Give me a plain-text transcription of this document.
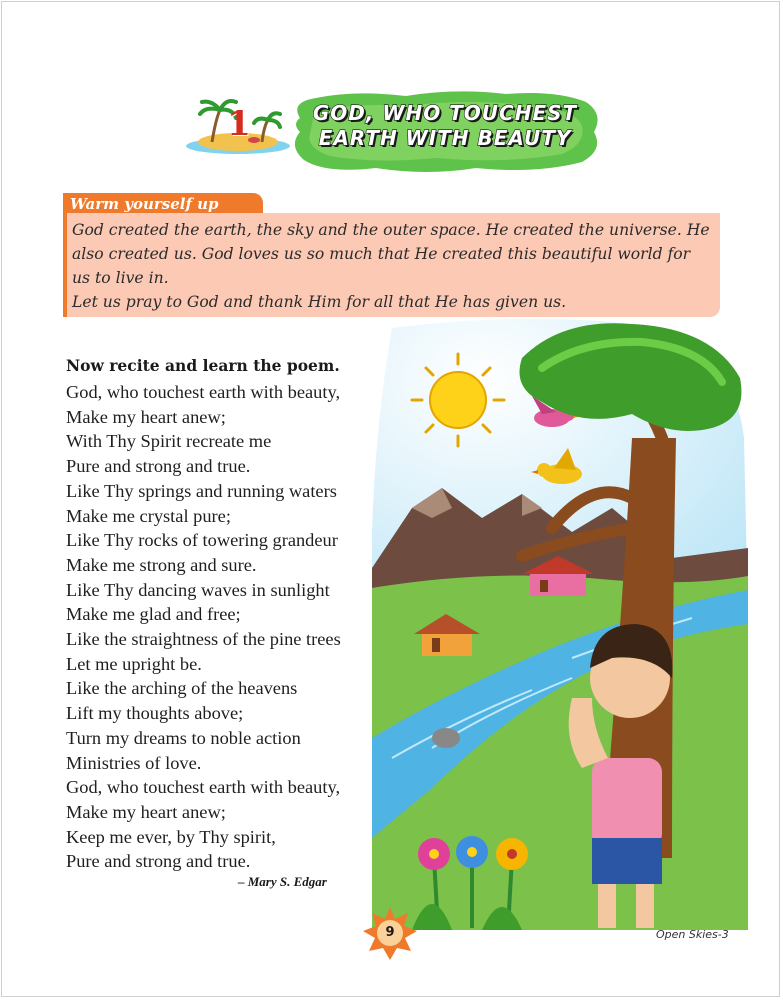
1	GOD, WHO TOUCHEST
EARTH WITH BEAUTY
Warm yourself up

God created the earth, the sky and the outer space. He created the universe. He also created us. God loves us so much that He created this beautiful world for us to live in.

Let us pray to God and thank Him for all that He has given us.

Now recite and learn the poem.
God, who touchest earth with beauty,
Make my heart anew;
With Thy Spirit recreate me
Pure and strong and true.
Like Thy springs and running waters
Make me crystal pure;
Like Thy rocks of towering grandeur
Make me strong and sure.
Like Thy dancing waves in sunlight
Make me glad and free;
Like the straightness of the pine trees
Let me upright be.
Like the arching of the heavens
Lift my thoughts above;
Turn my dreams to noble action
Ministries of love.
God, who touchest earth with beauty,
Make my heart anew;
Keep me ever, by Thy spirit,
Pure and strong and true.
– Mary S. Edgar
9	Open Skies-3
